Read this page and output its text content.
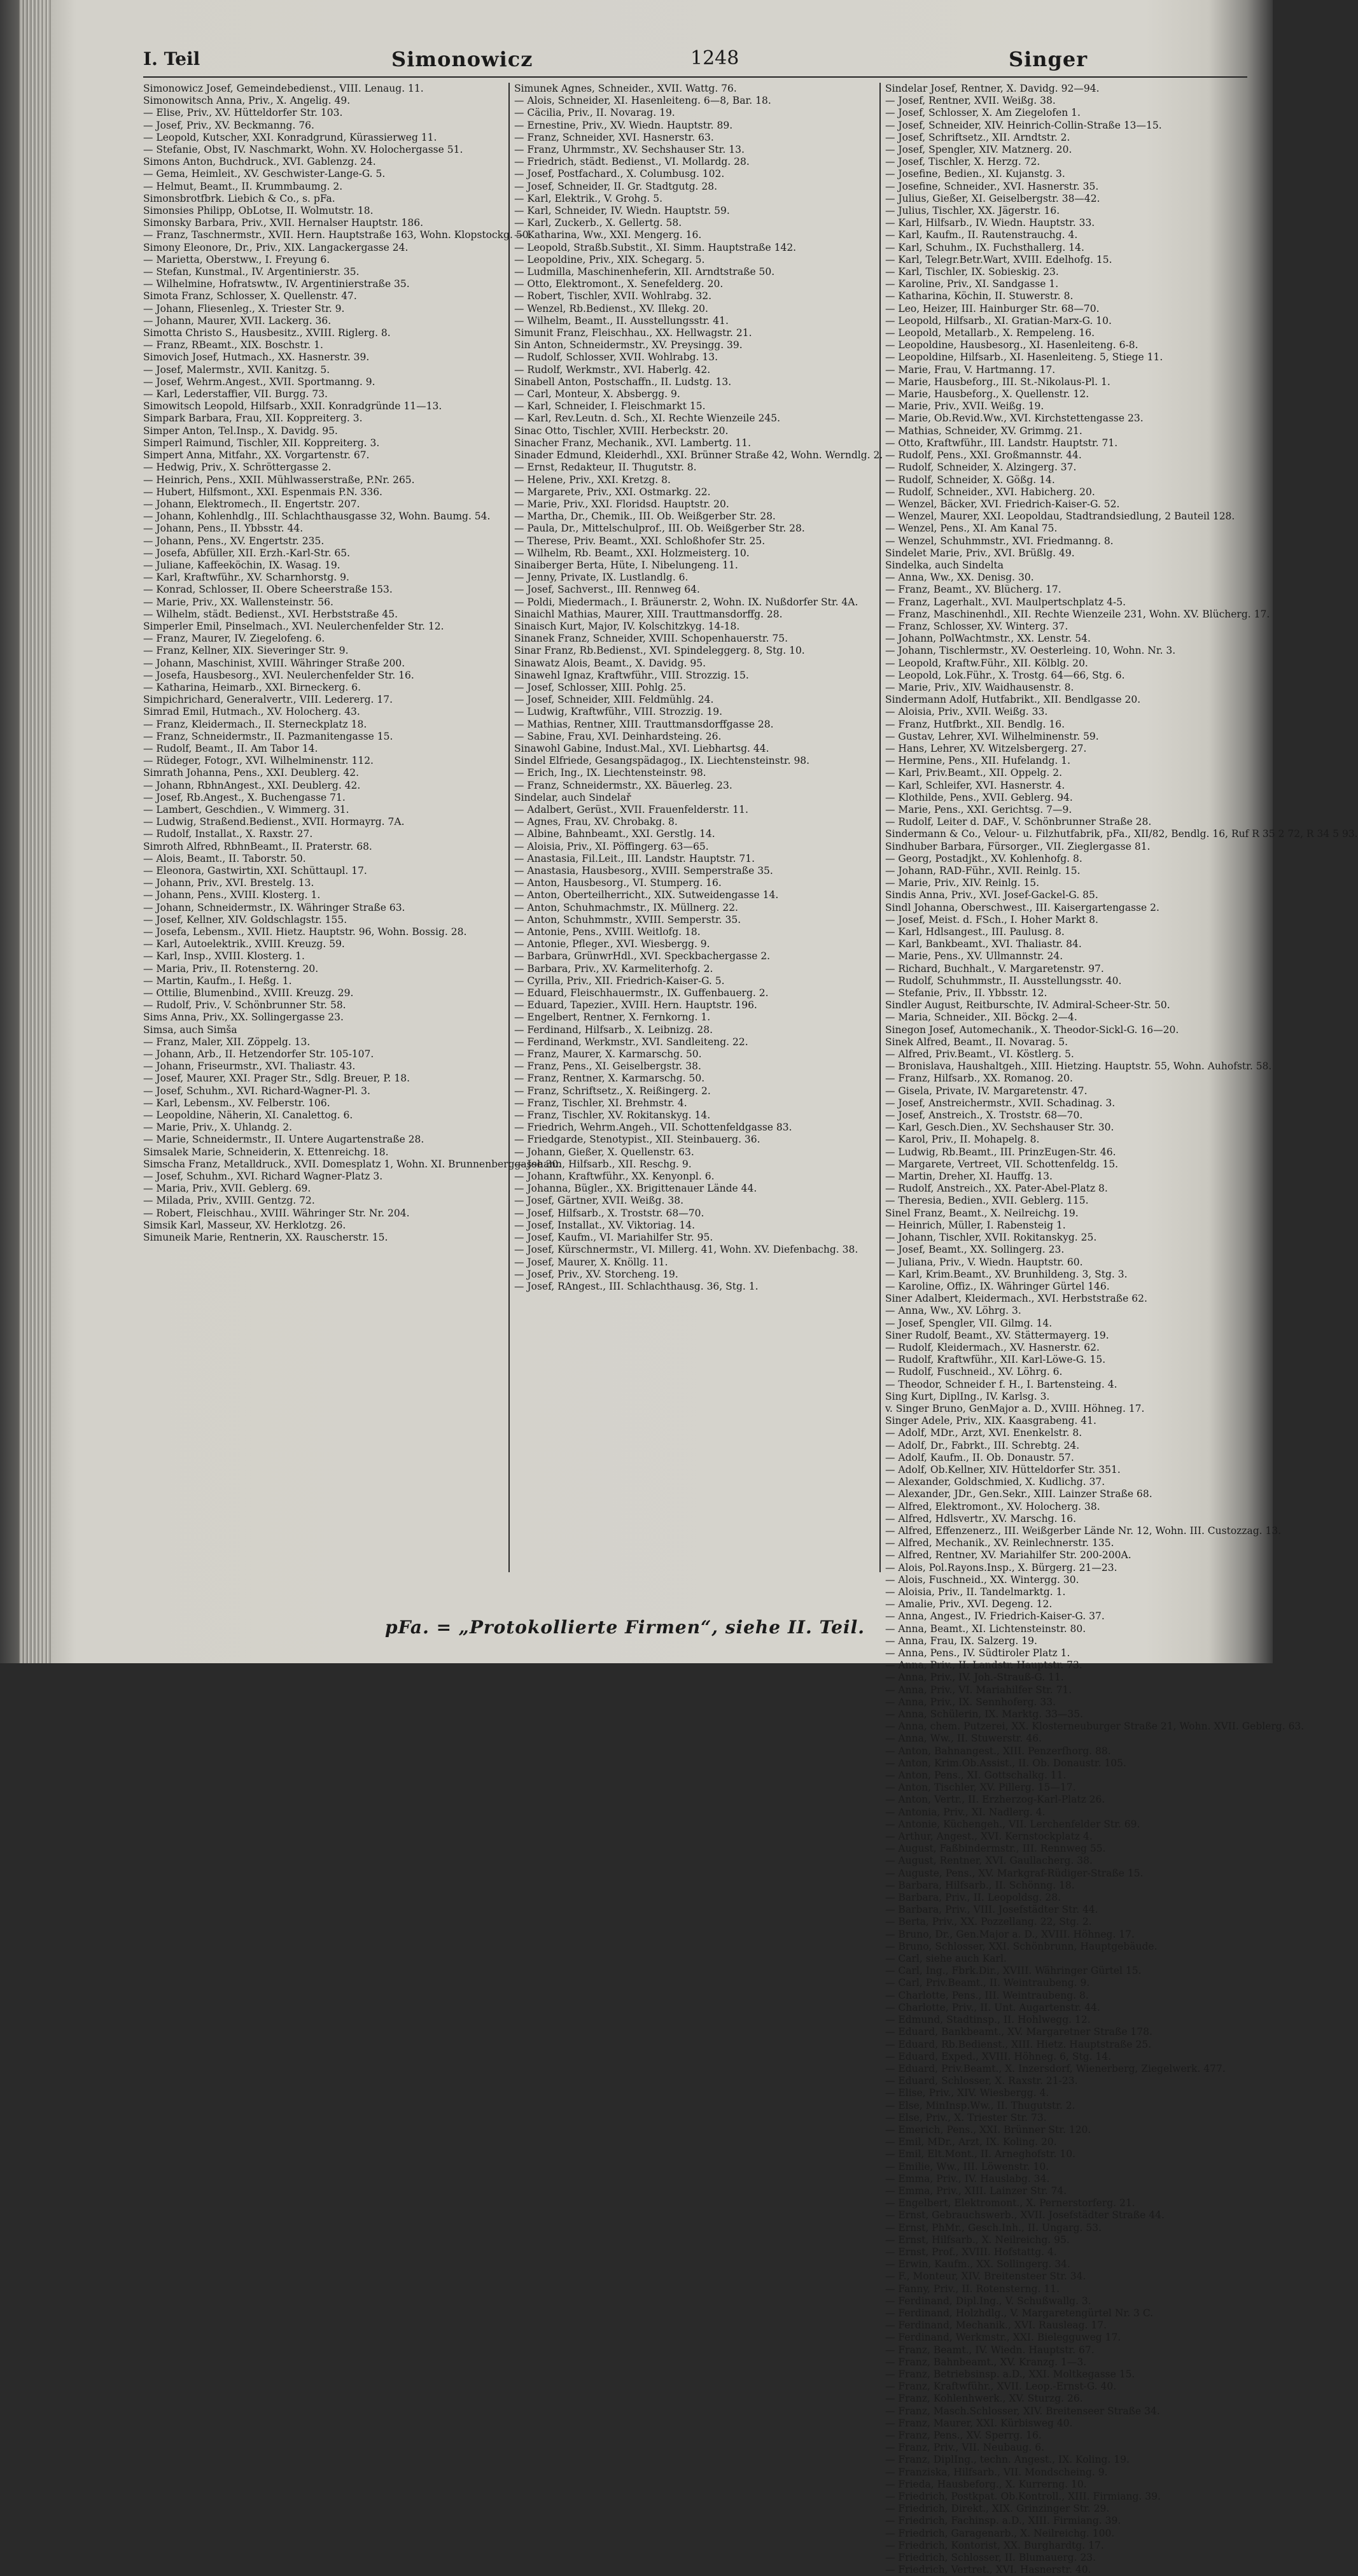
I. Teil	Simonowicz	1248	Singer

Simonowicz Josef, Gemeindebedienst., VIII. Lenaug. 11.

Simonowitsch Anna, Priv., X. Angelig. 49.

— Elise, Priv., XV. Hütteldorfer Str. 103.

— Josef, Priv., XV. Beckmanng. 76.

— Leopold, Kutscher, XXI. Konradgrund, Kürassierweg 11.

— Stefanie, Obst, IV. Naschmarkt, Wohn. XV. Holochergasse 51.

Simons Anton, Buchdruck., XVI. Gablenzg. 24.

— Gema, Heimleit., XV. Geschwister-Lange-G. 5.

— Helmut, Beamt., II. Krummbaumg. 2.

Simonsbrotfbrk. Liebich & Co., s. pFa.

Simonsies Philipp, ObLotse, II. Wolmutstr. 18.

Simonsky Barbara, Priv., XVII. Hernalser Hauptstr. 186.

— Franz, Taschnermstr., XVII. Hern. Hauptstraße 163, Wohn. Klopstockg. 50.

Simony Eleonore, Dr., Priv., XIX. Langackergasse 24.

— Marietta, Oberstww., I. Freyung 6.

— Stefan, Kunstmal., IV. Argentinierstr. 35.

— Wilhelmine, Hofratswtw., IV. Argentinierstraße 35.

Simota Franz, Schlosser, X. Quellenstr. 47.

— Johann, Fliesenleg., X. Triester Str. 9.

— Johann, Maurer, XVII. Lackerg. 36.

Simotta Christo S., Hausbesitz., XVIII. Riglerg. 8.

— Franz, RBeamt., XIX. Boschstr. 1.

Simovich Josef, Hutmach., XX. Hasnerstr. 39.

— Josef, Malermstr., XVII. Kanitzg. 5.

— Josef, Wehrm.Angest., XVII. Sportmanng. 9.

— Karl, Lederstaffier, VII. Burgg. 73.

Simowitsch Leopold, Hilfsarb., XXII. Konradgründe 11—13.

Simpark Barbara, Frau, XII. Koppreiterg. 3.

Simper Anton, Tel.Insp., X. Davidg. 95.

Simperl Raimund, Tischler, XII. Koppreiterg. 3.

Simpert Anna, Mitfahr., XX. Vorgartenstr. 67.

— Hedwig, Priv., X. Schröttergasse 2.

— Heinrich, Pens., XXII. Mühlwasserstraße, P.Nr. 265.

— Hubert, Hilfsmont., XXI. Espenmais P.N. 336.

— Johann, Elektromech., II. Engertstr. 207.

— Johann, Kohlenhdlg., III. Schlachthausgasse 32, Wohn. Baumg. 54.

— Johann, Pens., II. Ybbsstr. 44.

— Johann, Pens., XV. Engertstr. 235.

— Josefa, Abfüller, XII. Erzh.-Karl-Str. 65.

— Juliane, Kaffeeköchin, IX. Wasag. 19.

— Karl, Kraftwführ., XV. Scharnhorstg. 9.

— Konrad, Schlosser, II. Obere Scheerstraße 153.

— Marie, Priv., XX. Wallensteinstr. 56.

— Wilhelm, städt. Bedienst., XVI. Herbststraße 45.

Simperler Emil, Pinselmach., XVI. Neulerchenfelder Str. 12.

— Franz, Maurer, IV. Ziegelofeng. 6.

— Franz, Kellner, XIX. Sieveringer Str. 9.

— Johann, Maschinist, XVIII. Währinger Straße 200.

— Josefa, Hausbesorg., XVI. Neulerchenfelder Str. 16.

— Katharina, Heimarb., XXI. Birneckerg. 6.

Simpichrichard, Generalvertr., VIII. Ledererg. 17.

Simrad Emil, Hutmach., XV. Holocherg. 43.

— Franz, Kleidermach., II. Sterneckplatz 18.

— Franz, Schneidermstr., II. Pazmanitengasse 15.

— Rudolf, Beamt., II. Am Tabor 14.

— Rüdeger, Fotogr., XVI. Wilhelminenstr. 112.

Simrath Johanna, Pens., XXI. Deublerg. 42.

— Johann, RbhnAngest., XXI. Deublerg. 42.

— Josef, Rb.Angest., X. Buchengasse 71.

— Lambert, Geschdien., V. Wimmerg. 31.

— Ludwig, Straßend.Bedienst., XVII. Hormayrg. 7A.

— Rudolf, Installat., X. Raxstr. 27.

Simroth Alfred, RbhnBeamt., II. Praterstr. 68.

— Alois, Beamt., II. Taborstr. 50.

— Eleonora, Gastwirtin, XXI. Schüttaupl. 17.

— Johann, Priv., XVI. Brestelg. 13.

— Johann, Pens., XVIII. Klosterg. 1.

— Johann, Schneidermstr., IX. Währinger Straße 63.

— Josef, Kellner, XIV. Goldschlagstr. 155.

— Josefa, Lebensm., XVII. Hietz. Hauptstr. 96, Wohn. Bossig. 28.

— Karl, Autoelektrik., XVIII. Kreuzg. 59.

— Karl, Insp., XVIII. Klosterg. 1.

— Maria, Priv., II. Rotensterng. 20.

— Martin, Kaufm., I. Heßg. 1.

— Ottilie, Blumenbind., XVIII. Kreuzg. 29.

— Rudolf, Priv., V. Schönbrunner Str. 58.

Sims Anna, Priv., XX. Sollingergasse 23.

Simsa, auch Simša

— Franz, Maler, XII. Zöppelg. 13.

— Johann, Arb., II. Hetzendorfer Str. 105-107.

— Johann, Friseurmstr., XVI. Thaliastr. 43.

— Josef, Maurer, XXI. Prager Str., Sdlg. Breuer, P. 18.

— Josef, Schuhm., XVI. Richard-Wagner-Pl. 3.

— Karl, Lebensm., XV. Felberstr. 106.

— Leopoldine, Näherin, XI. Canalettog. 6.

— Marie, Priv., X. Uhlandg. 2.

— Marie, Schneidermstr., II. Untere Augartenstraße 28.

Simsalek Marie, Schneiderin, X. Ettenreichg. 18.

Simscha Franz, Metalldruck., XVII. Domesplatz 1, Wohn. XI. Brunnenberggasse 30.

— Josef, Schuhm., XVI. Richard Wagner-Platz 3.

— Maria, Priv., XVII. Geblerg. 69.

— Milada, Priv., XVIII. Gentzg. 72.

— Robert, Fleischhau., XVIII. Währinger Str. Nr. 204.

Simsik Karl, Masseur, XV. Herklotzg. 26.

Simuneik Marie, Rentnerin, XX. Rauscherstr. 15.

Simunek Agnes, Schneider., XVII. Wattg. 76.

— Alois, Schneider, XI. Hasenleiteng. 6—8, Bar. 18.

— Cäcilia, Priv., II. Novarag. 19.

— Ernestine, Priv., XV. Wiedn. Hauptstr. 89.

— Franz, Schneider, XVI. Hasnerstr. 63.

— Franz, Uhrmmstr., XV. Sechshauser Str. 13.

— Friedrich, städt. Bedienst., VI. Mollardg. 28.

— Josef, Postfachard., X. Columbusg. 102.

— Josef, Schneider, II. Gr. Stadtgutg. 28.

— Karl, Elektrik., V. Grohg. 5.

— Karl, Schneider, IV. Wiedn. Hauptstr. 59.

— Karl, Zuckerb., X. Gellertg. 58.

— Katharina, Ww., XXI. Mengerg. 16.

— Leopold, Straßb.Substit., XI. Simm. Hauptstraße 142.

— Leopoldine, Priv., XIX. Schegarg. 5.

— Ludmilla, Maschinenheferin, XII. Arndtstraße 50.

— Otto, Elektromont., X. Senefelderg. 20.

— Robert, Tischler, XVII. Wohlrabg. 32.

— Wenzel, Rb.Bedienst., XV. Illekg. 20.

— Wilhelm, Beamt., II. Ausstellungsstr. 41.

Simunit Franz, Fleischhau., XX. Hellwagstr. 21.

Sin Anton, Schneidermstr., XV. Preysingg. 39.

— Rudolf, Schlosser, XVII. Wohlrabg. 13.

— Rudolf, Werkmstr., XVI. Haberlg. 42.

Sinabell Anton, Postschaffn., II. Ludstg. 13.

— Carl, Monteur, X. Absbergg. 9.

— Karl, Schneider, I. Fleischmarkt 15.

— Karl, Rev.Leutn. d. Sch., XI. Rechte Wienzeile 245.

Sinac Otto, Tischler, XVIII. Herbeckstr. 20.

Sinacher Franz, Mechanik., XVI. Lambertg. 11.

Sinader Edmund, Kleiderhdl., XXI. Brünner Straße 42, Wohn. Werndlg. 2.

— Ernst, Redakteur, II. Thugutstr. 8.

— Helene, Priv., XXI. Kretzg. 8.

— Margarete, Priv., XXI. Ostmarkg. 22.

— Marie, Priv., XXI. Floridsd. Hauptstr. 20.

— Martha, Dr., Chemik., III. Ob. Weißgerber Str. 28.

— Paula, Dr., Mittelschulprof., III. Ob. Weißgerber Str. 28.

— Therese, Priv. Beamt., XXI. Schloßhofer Str. 25.

— Wilhelm, Rb. Beamt., XXI. Holzmeisterg. 10.

Sinaiberger Berta, Hüte, I. Nibelungeng. 11.

— Jenny, Private, IX. Lustlandlg. 6.

— Josef, Sachverst., III. Rennweg 64.

— Poldi, Miedermach., I. Bräunerstr. 2, Wohn. IX. Nußdorfer Str. 4A.

Sinaichl Mathias, Maurer, XIII. Trauttmansdorffg. 28.

Sinaisch Kurt, Major, IV. Kolschitzkyg. 14-18.

Sinanek Franz, Schneider, XVIII. Schopenhauerstr. 75.

Sinar Franz, Rb.Bedienst., XVI. Spindeleggerg. 8, Stg. 10.

Sinawatz Alois, Beamt., X. Davidg. 95.

Sinawehl Ignaz, Kraftwführ., VIII. Strozzig. 15.

— Josef, Schlosser, XIII. Pohlg. 25.

— Josef, Schneider, XIII. Feldmühlg. 24.

— Ludwig, Kraftwführ., VIII. Strozzig. 19.

— Mathias, Rentner, XIII. Trauttmansdorffgasse 28.

— Sabine, Frau, XVI. Deinhardsteing. 26.

Sinawohl Gabine, Indust.Mal., XVI. Liebhartsg. 44.

Sindel Elfriede, Gesangspädagog., IX. Liechtensteinstr. 98.

— Erich, Ing., IX. Liechtensteinstr. 98.

— Franz, Schneidermstr., XX. Bäuerleg. 23.

Sindelar, auch Sindelař

— Adalbert, Gerüst., XVII. Frauenfelderstr. 11.

— Agnes, Frau, XV. Chrobakg. 8.

— Albine, Bahnbeamt., XXI. Gerstlg. 14.

— Aloisia, Priv., XI. Pöffingerg. 63—65.

— Anastasia, Fil.Leit., III. Landstr. Hauptstr. 71.

— Anastasia, Hausbesorg., XVIII. Semperstraße 35.

— Anton, Hausbesorg., VI. Stumperg. 16.

— Anton, Oberteilherricht., XIX. Sutweidengasse 14.

— Anton, Schuhmachmstr., IX. Müllnerg. 22.

— Anton, Schuhmmstr., XVIII. Semperstr. 35.

— Antonie, Pens., XVIII. Weitlofg. 18.

— Antonie, Pfleger., XVI. Wiesbergg. 9.

— Barbara, GrünwrHdl., XVI. Speckbachergasse 2.

— Barbara, Priv., XV. Karmeliterhofg. 2.

— Cyrilla, Priv., XII. Friedrich-Kaiser-G. 5.

— Eduard, Fleischhauermstr., IX. Guffenbauerg. 2.

— Eduard, Tapezier., XVIII. Hern. Hauptstr. 196.

— Engelbert, Rentner, X. Fernkorng. 1.

— Ferdinand, Hilfsarb., X. Leibnizg. 28.

— Ferdinand, Werkmstr., XVI. Sandleiteng. 22.

— Franz, Maurer, X. Karmarschg. 50.

— Franz, Pens., XI. Geiselbergstr. 38.

— Franz, Rentner, X. Karmarschg. 50.

— Franz, Schriftsetz., X. Reißingerg. 2.

— Franz, Tischler, XI. Brehmstr. 4.

— Franz, Tischler, XV. Rokitanskyg. 14.

— Friedrich, Wehrm.Angeh., VII. Schottenfeldgasse 83.

— Friedgarde, Stenotypist., XII. Steinbauerg. 36.

— Johann, Gießer, X. Quellenstr. 63.

— Johann, Hilfsarb., XII. Reschg. 9.

— Johann, Kraftwführ., XX. Kenyonpl. 6.

— Johanna, Bügler., XX. Brigittenauer Lände 44.

— Josef, Gärtner, XVII. Weißg. 38.

— Josef, Hilfsarb., X. Troststr. 68—70.

— Josef, Installat., XV. Viktoriag. 14.

— Josef, Kaufm., VI. Mariahilfer Str. 95.

— Josef, Kürschnermstr., VI. Millerg. 41, Wohn. XV. Diefenbachg. 38.

— Josef, Maurer, X. Knöllg. 11.

— Josef, Priv., XV. Storcheng. 19.

— Josef, RAngest., III. Schlachthausg. 36, Stg. 1.

Sindelar Josef, Rentner, X. Davidg. 92—94.

— Josef, Rentner, XVII. Weißg. 38.

— Josef, Schlosser, X. Am Ziegelofen 1.

— Josef, Schneider, XIV. Heinrich-Collin-Straße 13—15.

— Josef, Schriftsetz., XII. Arndtstr. 2.

— Josef, Spengler, XIV. Matznerg. 20.

— Josef, Tischler, X. Herzg. 72.

— Josefine, Bedien., XI. Kujanstg. 3.

— Josefine, Schneider., XVI. Hasnerstr. 35.

— Julius, Gießer, XI. Geiselbergstr. 38—42.

— Julius, Tischler, XX. Jägerstr. 16.

— Karl, Hilfsarb., IV. Wiedn. Hauptstr. 33.

— Karl, Kaufm., II. Rautenstrauchg. 4.

— Karl, Schuhm., IX. Fuchsthallerg. 14.

— Karl, Telegr.Betr.Wart, XVIII. Edelhofg. 15.

— Karl, Tischler, IX. Sobieskig. 23.

— Karoline, Priv., XI. Sandgasse 1.

— Katharina, Köchin, II. Stuwerstr. 8.

— Leo, Heizer, III. Hainburger Str. 68—70.

— Leopold, Hilfsarb., XI. Gratian-Marx-G. 10.

— Leopold, Metallarb., X. Rempeleng. 16.

— Leopoldine, Hausbesorg., XI. Hasenleiteng. 6-8.

— Leopoldine, Hilfsarb., XI. Hasenleiteng. 5, Stiege 11.

— Marie, Frau, V. Hartmanng. 17.

— Marie, Hausbeforg., III. St.-Nikolaus-Pl. 1.

— Marie, Hausbeforg., X. Quellenstr. 12.

— Marie, Priv., XVII. Weißg. 19.

— Marie, Ob.Revid.Ww., XVI. Kirchstettengasse 23.

— Mathias, Schneider, XV. Grimmg. 21.

— Otto, Kraftwführ., III. Landstr. Hauptstr. 71.

— Rudolf, Pens., XXI. Großmannstr. 44.

— Rudolf, Schneider, X. Alzingerg. 37.

— Rudolf, Schneider, X. Gößg. 14.

— Rudolf, Schneider., XVI. Habicherg. 20.

— Wenzel, Bäcker, XVI. Friedrich-Kaiser-G. 52.

— Wenzel, Maurer, XXI. Leopoldau, Stadtrandsiedlung, 2 Bauteil 128.

— Wenzel, Pens., XI. Am Kanal 75.

— Wenzel, Schuhmmstr., XVI. Friedmanng. 8.

Sindelet Marie, Priv., XVI. Brüßlg. 49.

Sindelka, auch Sindelta

— Anna, Ww., XX. Denisg. 30.

— Franz, Beamt., XV. Blücherg. 17.

— Franz, Lagerhalt., XVI. Maulpertschplatz 4-5.

— Franz, Maschinenhdl., XII. Rechte Wienzeile 231, Wohn. XV. Blücherg. 17.

— Franz, Schlosser, XV. Winterg. 37.

— Johann, PolWachtmstr., XX. Lenstr. 54.

— Johann, Tischlermstr., XV. Oesterleing. 10, Wohn. Nr. 3.

— Leopold, Kraftw.Führ., XII. Kölblg. 20.

— Leopold, Lok.Führ., X. Trostg. 64—66, Stg. 6.

— Marie, Priv., XIV. Waidhausenstr. 8.

Sindermann Adolf, Hutfabrikt., XII. Bendlgasse 20.

— Aloisia, Priv., XVII. Weißg. 33.

— Franz, Hutfbrkt., XII. Bendlg. 16.

— Gustav, Lehrer, XVI. Wilhelminenstr. 59.

— Hans, Lehrer, XV. Witzelsbergerg. 27.

— Hermine, Pens., XII. Hufelandg. 1.

— Karl, Priv.Beamt., XII. Oppelg. 2.

— Karl, Schleifer, XVI. Hasnerstr. 4.

— Klothilde, Pens., XVII. Geblerg. 94.

— Marie, Pens., XXI. Gerichtsg. 7—9.

— Rudolf, Leiter d. DAF., V. Schönbrunner Straße 28.

Sindermann & Co., Velour- u. Filzhutfabrik, pFa., XII/82, Bendlg. 16, Ruf R 35 2 72, R 34 5 93.

Sindhuber Barbara, Fürsorger., VII. Zieglergasse 81.

— Georg, Postadjkt., XV. Kohlenhofg. 8.

— Johann, RAD-Führ., XVII. Reinlg. 15.

— Marie, Priv., XIV. Reinlg. 15.

Sindis Anna, Priv., XVI. Josef-Gackel-G. 85.

Sindl Johanna, Oberschwest., III. Kaisergartengasse 2.

— Josef, Meist. d. FSch., I. Hoher Markt 8.

— Karl, Hdlsangest., III. Paulusg. 8.

— Karl, Bankbeamt., XVI. Thaliastr. 84.

— Marie, Pens., XV. Ullmannstr. 24.

— Richard, Buchhalt., V. Margaretenstr. 97.

— Rudolf, Schuhmmstr., II. Ausstellungsstr. 40.

— Stefanie, Priv., II. Ybbsstr. 12.

Sindler August, Reitburschte, IV. Admiral-Scheer-Str. 50.

— Maria, Schneider., XII. Böckg. 2—4.

Sinegon Josef, Automechanik., X. Theodor-Sickl-G. 16—20.

Sinek Alfred, Beamt., II. Novarag. 5.

— Alfred, Priv.Beamt., VI. Köstlerg. 5.

— Bronislava, Haushaltgeh., XIII. Hietzing. Hauptstr. 55, Wohn. Auhofstr. 58.

— Franz, Hilfsarb., XX. Romanog. 20.

— Gisela, Private, IV. Margaretenstr. 47.

— Josef, Anstreichermstr., XVII. Schadinag. 3.

— Josef, Anstreich., X. Troststr. 68—70.

— Karl, Gesch.Dien., XV. Sechshauser Str. 30.

— Karol, Priv., II. Mohapelg. 8.

— Ludwig, Rb.Beamt., III. PrinzEugen-Str. 46.

— Margarete, Vertreet, VII. Schottenfeldg. 15.

— Martin, Dreher, XI. Hauffg. 13.

— Rudolf, Anstreich., XX. Pater-Abel-Platz 8.

— Theresia, Bedien., XVII. Geblerg. 115.

Sinel Franz, Beamt., X. Neilreichg. 19.

— Heinrich, Müller, I. Rabensteig 1.

— Johann, Tischler, XVII. Rokitanskyg. 25.

— Josef, Beamt., XX. Sollingerg. 23.

— Juliana, Priv., V. Wiedn. Hauptstr. 60.

— Karl, Krim.Beamt., XV. Brunhildeng. 3, Stg. 3.

— Karoline, Offiz., IX. Währinger Gürtel 146.

Siner Adalbert, Kleidermach., XVI. Herbststraße 62.

— Anna, Ww., XV. Löhrg. 3.

— Josef, Spengler, VII. Gilmg. 14.

Siner Rudolf, Beamt., XV. Stättermayerg. 19.

— Rudolf, Kleidermach., XV. Hasnerstr. 62.

— Rudolf, Kraftwführ., XII. Karl-Löwe-G. 15.

— Rudolf, Fuschneid., XV. Löhrg. 6.

— Theodor, Schneider f. H., I. Bartensteing. 4.

Sing Kurt, DiplIng., IV. Karlsg. 3.

v. Singer Bruno, GenMajor a. D., XVIII. Höhneg. 17.

Singer Adele, Priv., XIX. Kaasgrabeng. 41.

— Adolf, MDr., Arzt, XVI. Enenkelstr. 8.

— Adolf, Dr., Fabrkt., III. Schrebtg. 24.

— Adolf, Kaufm., II. Ob. Donaustr. 57.

— Adolf, Ob.Kellner, XIV. Hütteldorfer Str. 351.

— Alexander, Goldschmied, X. Kudlichg. 37.

— Alexander, JDr., Gen.Sekr., XIII. Lainzer Straße 68.

— Alfred, Elektromont., XV. Holocherg. 38.

— Alfred, Hdlsvertr., XV. Marschg. 16.

— Alfred, Effenzenerz., III. Weißgerber Lände Nr. 12, Wohn. III. Custozzag. 13.

— Alfred, Mechanik., XV. Reinlechnerstr. 135.

— Alfred, Rentner, XV. Mariahilfer Str. 200-200A.

— Alois, Pol.Rayons.Insp., X. Bürgerg. 21—23.

— Alois, Fuschneid., XX. Wintergg. 30.

— Aloisia, Priv., II. Tandelmarktg. 1.

— Amalie, Priv., XVI. Degeng. 12.

— Anna, Angest., IV. Friedrich-Kaiser-G. 37.

— Anna, Beamt., XI. Lichtensteinstr. 80.

— Anna, Frau, IX. Salzerg. 19.

— Anna, Pens., IV. Südtiroler Platz 1.

— Anna, Priv., II. Landstr. Hauptstr. 73.

— Anna, Priv., IV. Joh.-Strauß-G. 11.

— Anna, Priv., VI. Mariahilfer Str. 71.

— Anna, Priv., IX. Sennhoferg. 33.

— Anna, Schülerin, IX. Marktg. 33—35.

— Anna, chem. Putzerei, XX. Klosterneuburger Straße 21, Wohn. XVII. Geblerg. 63.

— Anna, Ww., II. Stuwerstr. 46.

— Anton, Bahnangest., XIII. Penzerfhorg. 88.

— Anton, Krim.Ob.Assist., II. Ob. Donaustr. 105.

— Anton, Pens., XI. Gottschalkg. 11.

— Anton, Tischler, XV. Pillerg. 15—17.

— Anton, Vertr., II. Erzherzog-Karl-Platz 26.

— Antonia, Priv., XI. Nadlerg. 4.

— Antonie, Küchengeh., VII. Lerchenfelder Str. 69.

— Arthur, Angest., XVI. Kernstockplatz 4.

— August, Faßbindermstr., III. Rennweg 55.

— August, Rentner, XVI. Gaullacherg. 38.

— Auguste, Pens., XV. Markgraf-Rüdiger-Straße 15.

— Barbara, Hilfsarb., II. Schönng. 18.

— Barbara, Priv., II. Leopoldsg. 28.

— Barbara, Priv., VIII. Josefstädter Str. 44.

— Berta, Priv., XX. Pozzellang. 22, Stg. 2.

— Bruno, Dr., Gen.Major a. D., XVIII. Höhneg. 17.

— Bruno, Schlosser, XXI. Schönbrunn, Hauptgebäude.

— Carl, siehe auch Karl.

— Carl, Ing., Fbrk.Dir., XVIII. Währinger Gürtel 15.

— Carl, Priv.Beamt., II. Weintraubeng. 9.

— Charlotte, Pens., III. Weintraubeng. 8.

— Charlotte, Priv., II. Unt. Augartenstr. 44.

— Edmund, Stadtinsp., II. Hohlwegg. 12.

— Eduard, Bankbeamt., XV. Margaretner Straße 178.

— Eduard, Rb.Bedienst., XIII. Hietz. Hauptstraße 25.

— Eduard, Exped., XVIII. Höhneg. 6, Stg. 14.

— Eduard, Priv.Beamt., X. Inzersdorf, Wienerberg, Ziegelwerk. 477.

— Eduard, Schlosser, X. Raxstr. 21-23.

— Elise, Priv., XIV. Wiesbergg. 4.

— Else, MinInsp.Ww., II. Thugutstr. 2.

— Else, Priv., X. Triester Str. 73.

— Emerich, Pens., XXI. Brünner Str. 120.

— Emil, MDr., Arzt, IX. Koling. 20.

— Emil, Elt.Mont., II. Arneghofstr. 10.

— Emilie, Ww., III. Löwenstr. 10.

— Emma, Priv., IV. Hauslabg. 34.

— Emma, Priv., XIII. Lainzer Str. 74.

— Engelbert, Elektromont., X. Pernerstorferg. 21.

— Ernst, Gebrauchswerb., XVII. Josefstädter Straße 44.

— Ernst, PhMr., Gesch.Inh., II. Ungarg. 53.

— Ernst, Hilfsarb., X. Neilreichg. 95.

— Ernst, Prof., XVIII. Hofstattg. 4.

— Erwin, Kaufm., XX. Sollingerg. 34.

— F., Monteur, XIV. Breitensteer Str. 34.

— Fanny, Priv., II. Rotensterng. 11.

— Ferdinand, Dipl.Ing., V. Schußwallg. 3.

— Ferdinand, Holzhdlg., V. Margaretengürtel Nr. 3 C.

— Ferdinand, Mechanik., XVI. Rausleag. 17.

— Ferdinand, Werkmstr., XXI. Bielegguweg 17.

— Franz, Beamt., IV. Wiedn. Hauptstr. 67.

— Franz, Bahnbeamt., XV. Kranzg. 1—3.

— Franz, Betriebsinsp. a.D., XXI. Moltkegasse 15.

— Franz, Kraftwführ., XVII. Leop.-Ernst-G. 40.

— Franz, Kohlenhwerk., XV. Sturzg. 26.

— Franz, Masch.Schlosser, XIV. Breitenseer Straße 34.

— Franz, Maurer, XXI. Kürbisweg 40.

— Franz, Pens., XV. Sperrg. 16.

— Franz, Priv., VII. Neubaug. 6.

— Franz, DiplIng., techn. Angest., IX. Koling. 19.

— Franziska, Hilfsarb., VII. Mondscheing. 9.

— Frieda, Hausbeforg., X. Kurrerng. 10.

— Friedrich, Postkpat. Ob.Kontroll., XIII. Firmiang. 39.

— Friedrich, Direkt., XIX. Grinzinger Str. 29.

— Friedrich, Fachinsp. a.D., XIII. Firmiang. 39.

— Friedrich, Garagenarb., X. Neilreichg. 100.

— Friedrich, Kontorist, XX. Burghardtg. 17.

— Friedrich, Schlosser, II. Blumauerg. 23.

— Friedrich, Vertret., XVI. Hasnerstr. 40.

pFa. = „Protokollierte Firmen“, siehe II. Teil.
